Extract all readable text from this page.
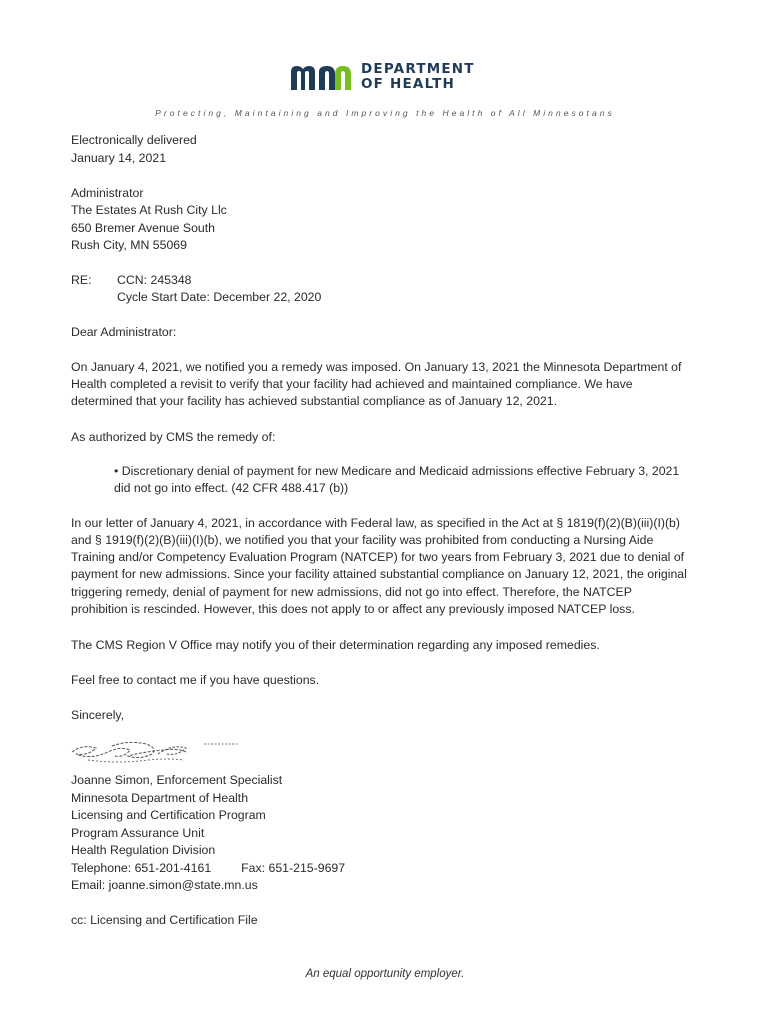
DEPARTMENT
OF HEALTH
Protecting, Maintaining and Improving the Health of All Minnesotans
Electronically delivered
January 14, 2021
Administrator
The Estates At Rush City Llc
650 Bremer Avenue South
Rush City, MN 55069
RE: CCN: 245348
Cycle Start Date: December 22, 2020
Dear Administrator:
On January 4, 2021, we notified you a remedy was imposed. On January 13, 2021 the Minnesota Department of
Health completed a revisit to verify that your facility had achieved and maintained compliance. We have
determined that your facility has achieved substantial compliance as of January 12, 2021.
As authorized by CMS the remedy of:
• Discretionary denial of payment for new Medicare and Medicaid admissions effective February 3, 2021
did not go into effect. (42 CFR 488.417 (b))
In our letter of January 4, 2021, in accordance with Federal law, as specified in the Act at § 1819(f)(2)(B)(iii)(I)(b)
and § 1919(f)(2)(B)(iii)(I)(b), we notified you that your facility was prohibited from conducting a Nursing Aide
Training and/or Competency Evaluation Program (NATCEP) for two years from February 3, 2021 due to denial of
payment for new admissions. Since your facility attained substantial compliance on January 12, 2021, the original
triggering remedy, denial of payment for new admissions, did not go into effect. Therefore, the NATCEP
prohibition is rescinded. However, this does not apply to or affect any previously imposed NATCEP loss.
The CMS Region V Office may notify you of their determination regarding any imposed remedies.
Feel free to contact me if you have questions.
Sincerely,
Joanne Simon, Enforcement Specialist
Minnesota Department of Health
Licensing and Certification Program
Program Assurance Unit
Health Regulation Division
Telephone: 651-201-4161 Fax: 651-215-9697
Email: joanne.simon@state.mn.us
cc: Licensing and Certification File
An equal opportunity employer.
